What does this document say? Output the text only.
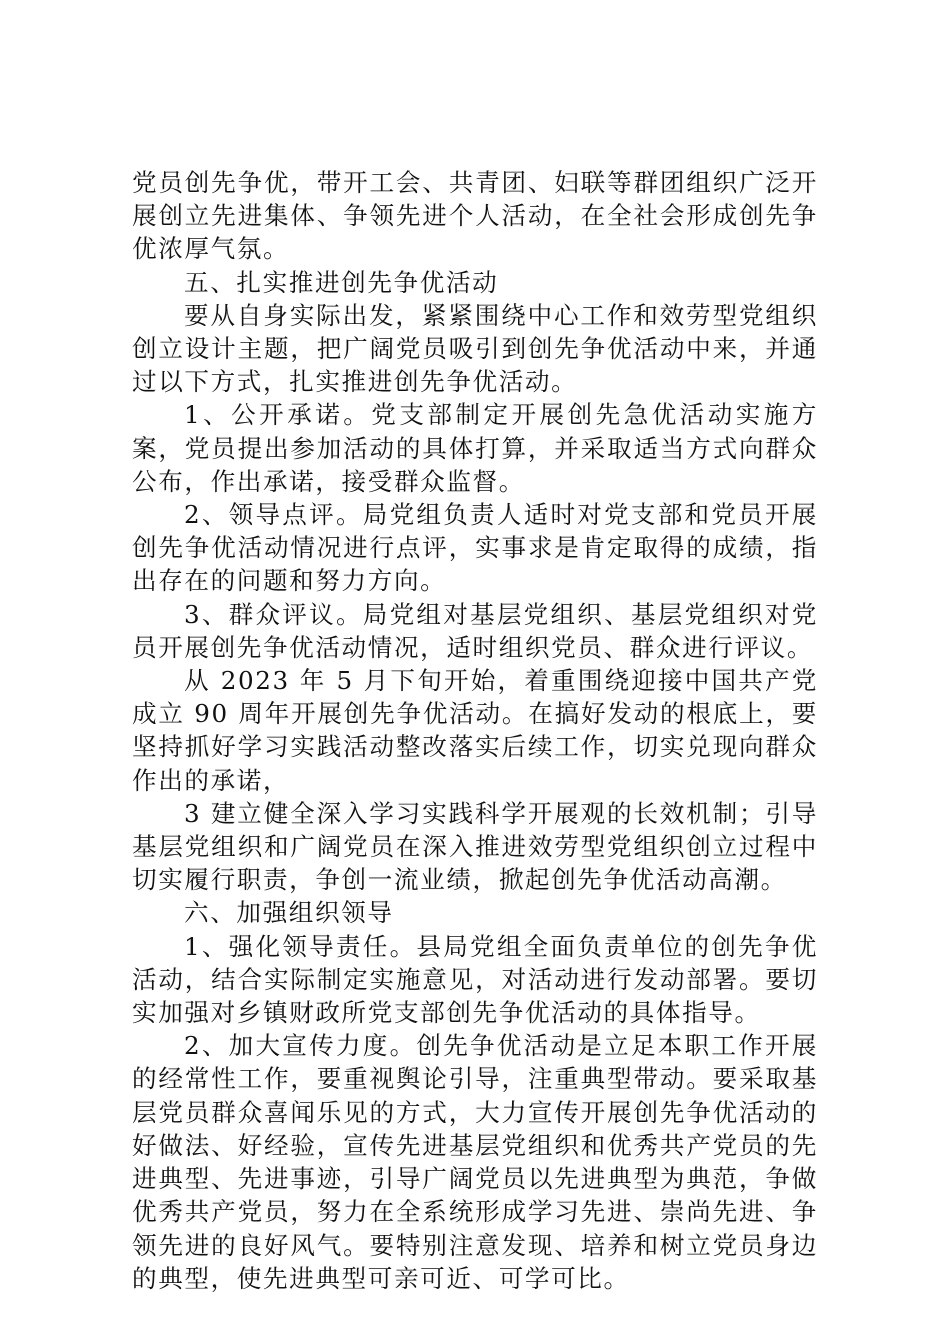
党员创先争优，带开工会、共青团、妇联等群团组织广泛开展创立先进集体、争领先进个人活动，在全社会形成创先争优浓厚气氛。

五、扎实推进创先争优活动

要从自身实际出发，紧紧围绕中心工作和效劳型党组织创立设计主题，把广阔党员吸引到创先争优活动中来，并通过以下方式，扎实推进创先争优活动。

1、公开承诺。党支部制定开展创先急优活动实施方案，党员提出参加活动的具体打算，并采取适当方式向群众公布，作出承诺，接受群众监督。

2、领导点评。局党组负责人适时对党支部和党员开展创先争优活动情况进行点评，实事求是肯定取得的成绩，指出存在的问题和努力方向。

3、群众评议。局党组对基层党组织、基层党组织对党员开展创先争优活动情况，适时组织党员、群众进行评议。

从 2023 年 5 月下旬开始，着重围绕迎接中国共产党成立 90 周年开展创先争优活动。在搞好发动的根底上，要坚持抓好学习实践活动整改落实后续工作，切实兑现向群众作出的承诺，

3 建立健全深入学习实践科学开展观的长效机制；引导基层党组织和广阔党员在深入推进效劳型党组织创立过程中切实履行职责，争创一流业绩，掀起创先争优活动高潮。

六、加强组织领导

1、强化领导责任。县局党组全面负责单位的创先争优活动，结合实际制定实施意见，对活动进行发动部署。要切实加强对乡镇财政所党支部创先争优活动的具体指导。

2、加大宣传力度。创先争优活动是立足本职工作开展的经常性工作，要重视舆论引导，注重典型带动。要采取基层党员群众喜闻乐见的方式，大力宣传开展创先争优活动的好做法、好经验，宣传先进基层党组织和优秀共产党员的先进典型、先进事迹，引导广阔党员以先进典型为典范，争做优秀共产党员，努力在全系统形成学习先进、崇尚先进、争领先进的良好风气。要特别注意发现、培养和树立党员身边的典型，使先进典型可亲可近、可学可比。
